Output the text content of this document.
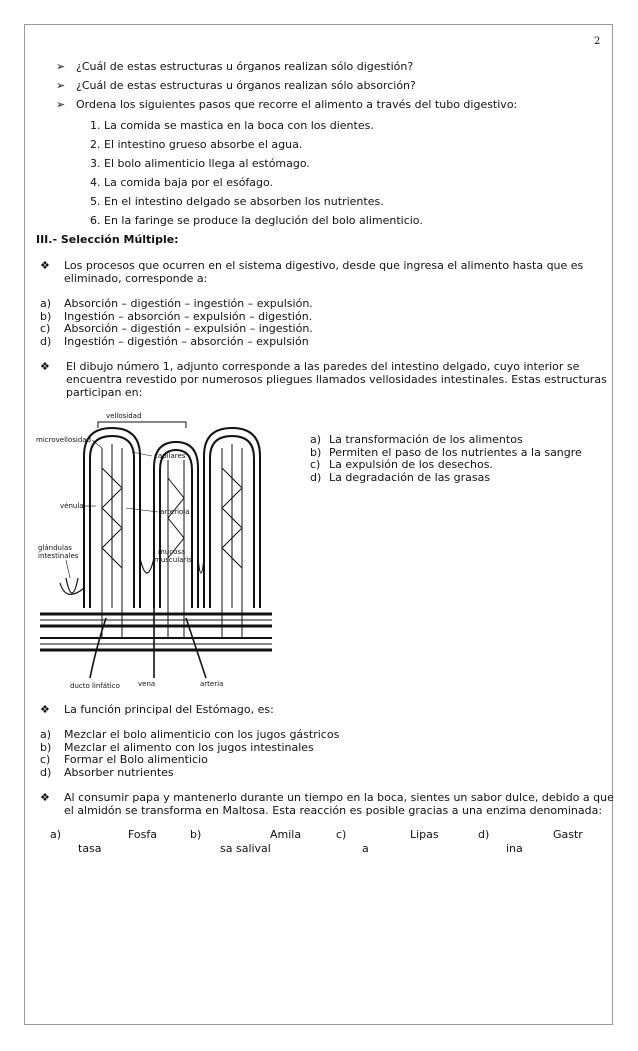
2
➢ ¿Cuál de estas estructuras u órganos realizan sólo digestión?
➢ ¿Cuál de estas estructuras u órganos realizan sólo absorción?
➢ Ordena los siguientes pasos que recorre el alimento a través del tubo digestivo:
1. La comida se mastica en la boca con los dientes.
2. El intestino grueso absorbe el agua.
3. El bolo alimenticio llega al estómago.
4. La comida baja por el esófago.
5. En el intestino delgado se absorben los nutrientes.
6. En la faringe se produce la deglución del bolo alimenticio.
III.- Selección Múltiple:
❖ Los procesos que ocurren en el sistema digestivo, desde que ingresa el alimento hasta que es
eliminado, corresponde a:
a) Absorción – digestión – ingestión – expulsión.
b) Ingestión – absorción – expulsión – digestión.
c) Absorción – digestión – expulsión – ingestión.
d) Ingestión – digestión – absorción – expulsión
❖ El dibujo número 1, adjunto corresponde a las paredes del intestino delgado, cuyo interior se
encuentra revestido por numerosos pliegues llamados vellosidades intestinales. Estas estructuras
participan en:
a) La transformación de los alimentos
b) Permiten el paso de los nutrientes a la sangre
c) La expulsión de los desechos.
d) La degradación de las grasas
vellosidad
microvellosidad
capilares
vénula
arteriola
glándulas
intestinales	mucosa
muscularis
ducto linfático	vena	arteria
❖ La función principal del Estómago, es:
a) Mezclar el bolo alimenticio con los jugos gástricos
b) Mezclar el alimento con los jugos intestinales
c) Formar el Bolo alimenticio
d) Absorber nutrientes
❖ Al consumir papa y mantenerlo durante un tiempo en la boca, sientes un sabor dulce, debido a que
el almidón se transforma en Maltosa. Esta reacción es posible gracias a una enzima denominada:
a)	Fosfa
tasa
b)	Amila
sa salival
c)	Lipas
a
d)	Gastr
ina
